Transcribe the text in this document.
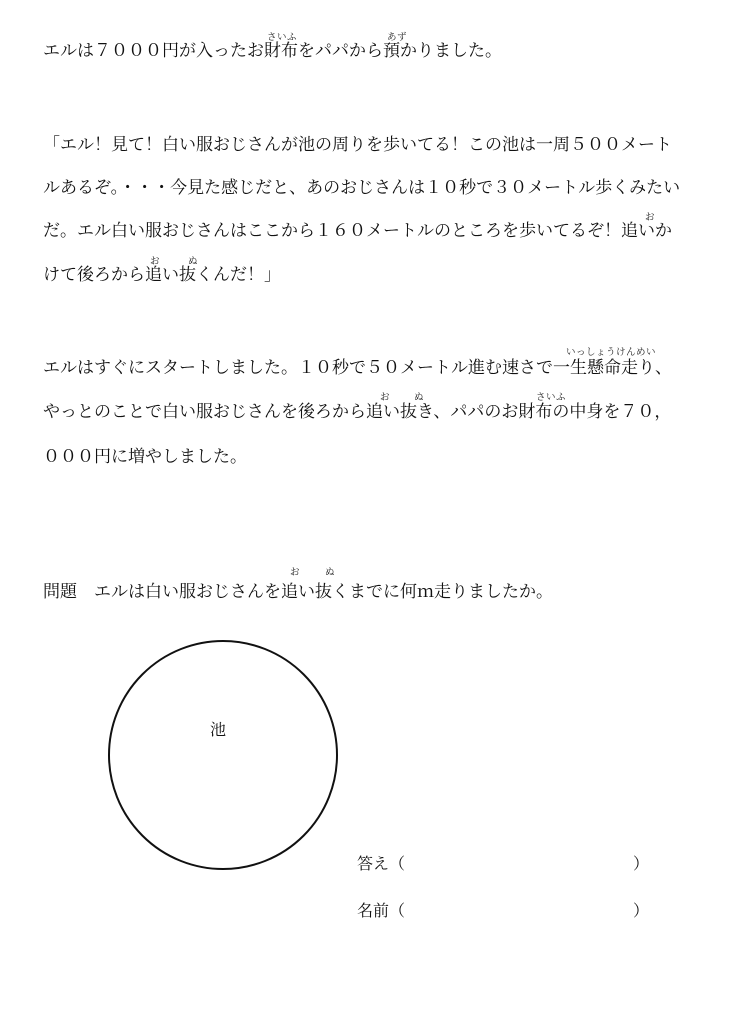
さいふ	あず
エルは７０００円が入ったお財布をパパから預かりました。
「エル！見て！白い服おじさんが池の周りを歩いてる！この池は一周５００メート
ルあるぞ。・・・今見た感じだと、あのおじさんは１０秒で３０メートル歩くみたい
お
だ。エル白い服おじさんはここから１６０メートルのところを歩いてるぞ！追いか
お	ぬ
けて後ろから追い抜くんだ！」
いっしょうけんめい
エルはすぐにスタートしました。１０秒で５０メートル進む速さで一生懸命走り、
お	ぬ	さいふ
やっとのことで白い服おじさんを後ろから追い抜き、パパのお財布の中身を７０，
０００円に増やしました。
お	ぬ
問題　エルは白い服おじさんを追い抜くまでに何ｍ走りましたか。
池
答え（	）
名前（	）
